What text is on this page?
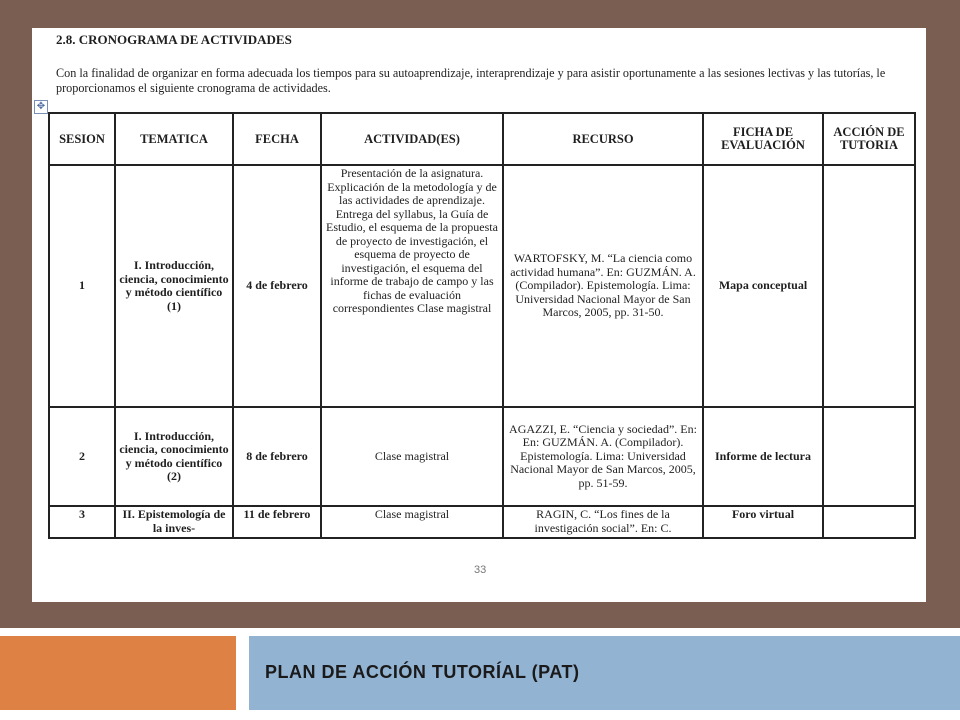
2.8. CRONOGRAMA DE ACTIVIDADES
Con la finalidad de organizar en forma adecuada los tiempos para su autoaprendizaje, interaprendizaje y para asistir oportunamente a las sesiones lectivas y las tutorías, le proporcionamos el siguiente cronograma de actividades.
✥
SESION	TEMATICA	FECHA	ACTIVIDAD(ES)	RECURSO	FICHA DE EVALUACIÓN	ACCIÓN DE TUTORIA
1	I. Introducción, ciencia, conocimiento y método científico (1)	4 de febrero	Presentación de la asignatura. Explicación de la metodología y de las actividades de aprendizaje. Entrega del syllabus, la Guía de Estudio, el esquema de la propuesta de proyecto de investigación, el esquema de proyecto de investigación, el esquema del informe de trabajo de campo y las fichas de evaluación correspondientes Clase magistral	WARTOFSKY, M. “La ciencia como actividad humana”. En: GUZMÁN. A. (Compilador). Epistemología. Lima: Universidad Nacional Mayor de San Marcos, 2005, pp. 31-50.	Mapa conceptual	
2	I. Introducción, ciencia, conocimiento y método científico (2)	8 de febrero	Clase magistral	AGAZZI, E. “Ciencia y sociedad”. En: En: GUZMÁN. A. (Compilador). Epistemología. Lima: Universidad Nacional Mayor de San Marcos, 2005, pp. 51-59.	Informe de lectura	
3	II. Epistemología de la inves-	11 de febrero	Clase magistral	RAGIN, C. “Los fines de la investigación social”. En: C.	Foro virtual	
33
PLAN DE ACCIÓN TUTORÍAL (PAT)
